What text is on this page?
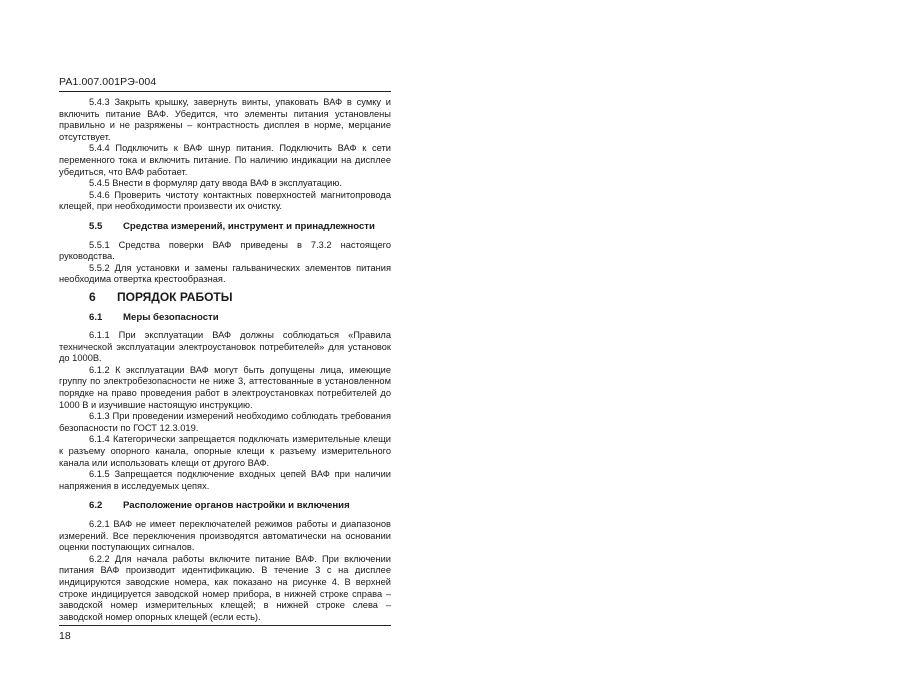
РА1.007.001РЭ-004

5.4.3 Закрыть крышку, завернуть винты, упаковать ВАФ в сумку и включить питание ВАФ. Убедится, что элементы питания установлены правильно и не разряжены – контрастность дисплея в норме, мерцание отсутствует.

5.4.4 Подключить к ВАФ шнур питания. Подключить ВАФ к сети переменного тока и включить питание. По наличию индикации на дисплее убедиться, что ВАФ работает.

5.4.5 Внести в формуляр дату ввода ВАФ в эксплуатацию.

5.4.6 Проверить чистоту контактных поверхностей магнитопровода клещей, при необходимости произвести их очистку.

5.5	Средства измерений, инструмент и принадлежности

5.5.1 Средства поверки ВАФ приведены в 7.3.2 настоящего руководства.

5.5.2 Для установки и замены гальванических элементов питания необходима отвертка крестообразная.

6	ПОРЯДОК РАБОТЫ
6.1	Меры безопасности

6.1.1 При эксплуатации ВАФ должны соблюдаться «Правила технической эксплуатации электроустановок потребителей» для установок до 1000В.

6.1.2 К эксплуатации ВАФ могут быть допущены лица, имеющие группу по электробезопасности не ниже 3, аттестованные в установленном порядке на право проведения работ в электроустановках потребителей до 1000 В и изучившие настоящую инструкцию.

6.1.3 При проведении измерений необходимо соблюдать требования безопасности по ГОСТ 12.3.019.

6.1.4 Категорически запрещается подключать измерительные клещи к разъему опорного канала, опорные клещи к разъему измерительного канала или использовать клещи от другого ВАФ.

6.1.5 Запрещается подключение входных цепей ВАФ при наличии напряжения в исследуемых цепях.

6.2	Расположение органов настройки и включения

6.2.1 ВАФ не имеет переключателей режимов работы и диапазонов измерений. Все переключения производятся автоматически на основании оценки поступающих сигналов.

6.2.2 Для начала работы включите питание ВАФ. При включении питания ВАФ производит идентификацию. В течение 3 с на дисплее индицируются заводские номера, как показано на рисунке 4. В верхней строке индицируется заводской номер прибора, в нижней строке справа – заводской номер измерительных клещей; в нижней строке слева – заводской номер опорных клещей (если есть).

18
